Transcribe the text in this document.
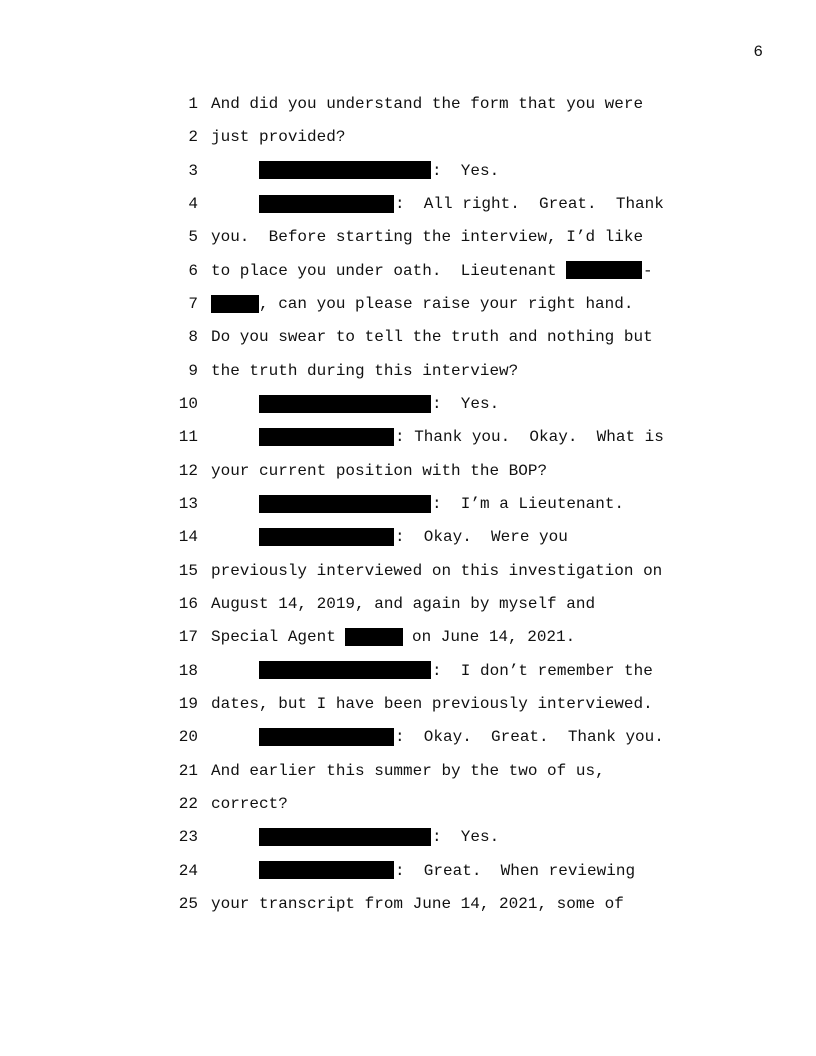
6
1
2
3
4
5
6
7
8
9
10
11
12
13
14
15
16
17
18
19
20
21
22
23
24
25
And did you understand the form that you were
just provided?
:  Yes.
:  All right.  Great.  Thank
you.  Before starting the interview, I’d like
to place you under oath.  Lieutenant	-
, can you please raise your right hand.
Do you swear to tell the truth and nothing but
the truth during this interview?
:  Yes.
: Thank you.  Okay.  What is
your current position with the BOP?
:  I’m a Lieutenant.
:  Okay.  Were you
previously interviewed on this investigation on
August 14, 2019, and again by myself and
Special Agent	on June 14, 2021.
:  I don’t remember the
dates, but I have been previously interviewed.
:  Okay.  Great.  Thank you.
And earlier this summer by the two of us,
correct?
:  Yes.
:  Great.  When reviewing
your transcript from June 14, 2021, some of
